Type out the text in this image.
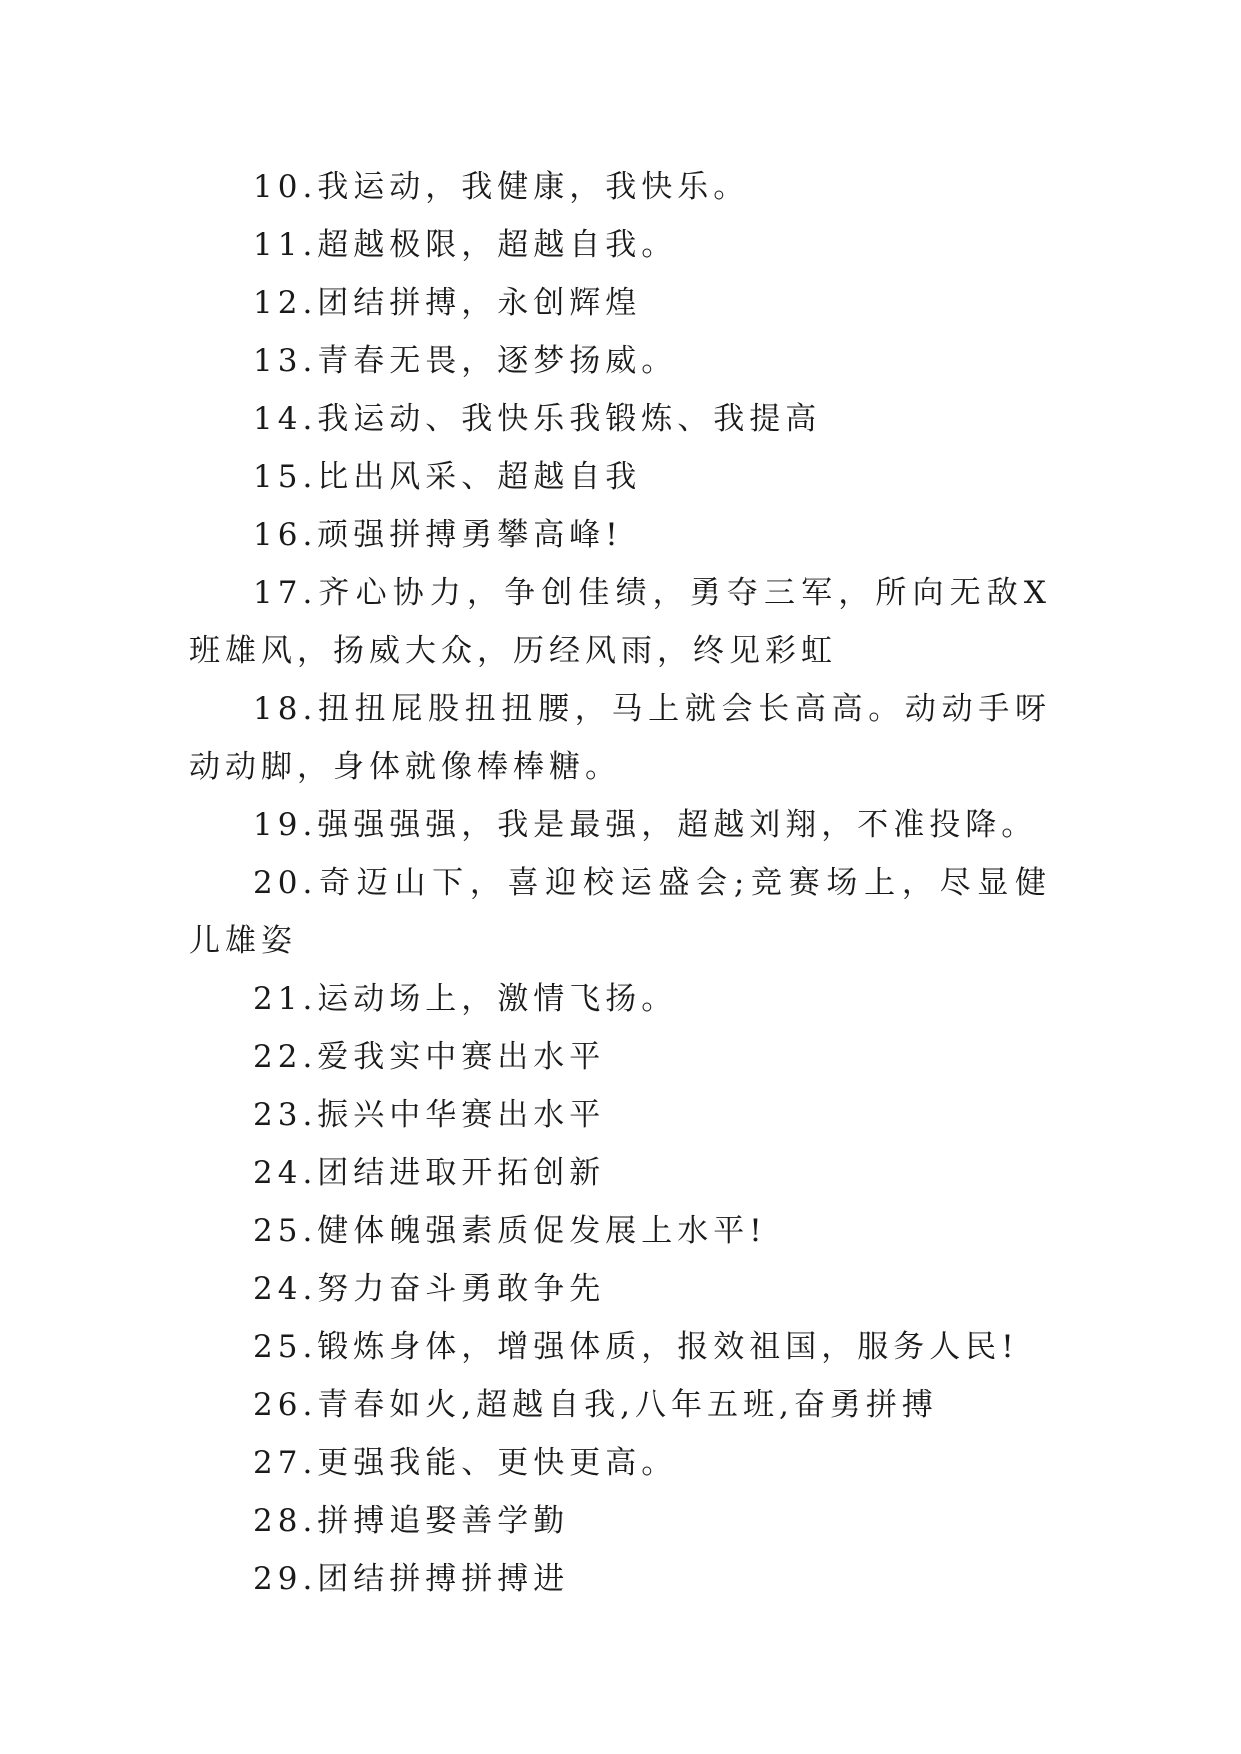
10.我运动，我健康，我快乐。

11.超越极限，超越自我。

12.团结拼搏，永创辉煌

13.青春无畏，逐梦扬威。

14.我运动、我快乐我锻炼、我提高

15.比出风采、超越自我

16.顽强拼搏勇攀高峰!

17.齐心协力，争创佳绩，勇夺三军，所向无敌X班雄风，扬威大众，历经风雨，终见彩虹

18.扭扭屁股扭扭腰，马上就会长高高。动动手呀动动脚，身体就像棒棒糖。

19.强强强强，我是最强，超越刘翔，不准投降。

20.奇迈山下，喜迎校运盛会;竞赛场上，尽显健儿雄姿

21.运动场上，激情飞扬。

22.爱我实中赛出水平

23.振兴中华赛出水平

24.团结进取开拓创新

25.健体魄强素质促发展上水平!

24.努力奋斗勇敢争先

25.锻炼身体，增强体质，报效祖国，服务人民!

26.青春如火,超越自我,八年五班,奋勇拼搏

27.更强我能、更快更高。

28.拼搏追娶善学勤

29.团结拼搏拼搏进
